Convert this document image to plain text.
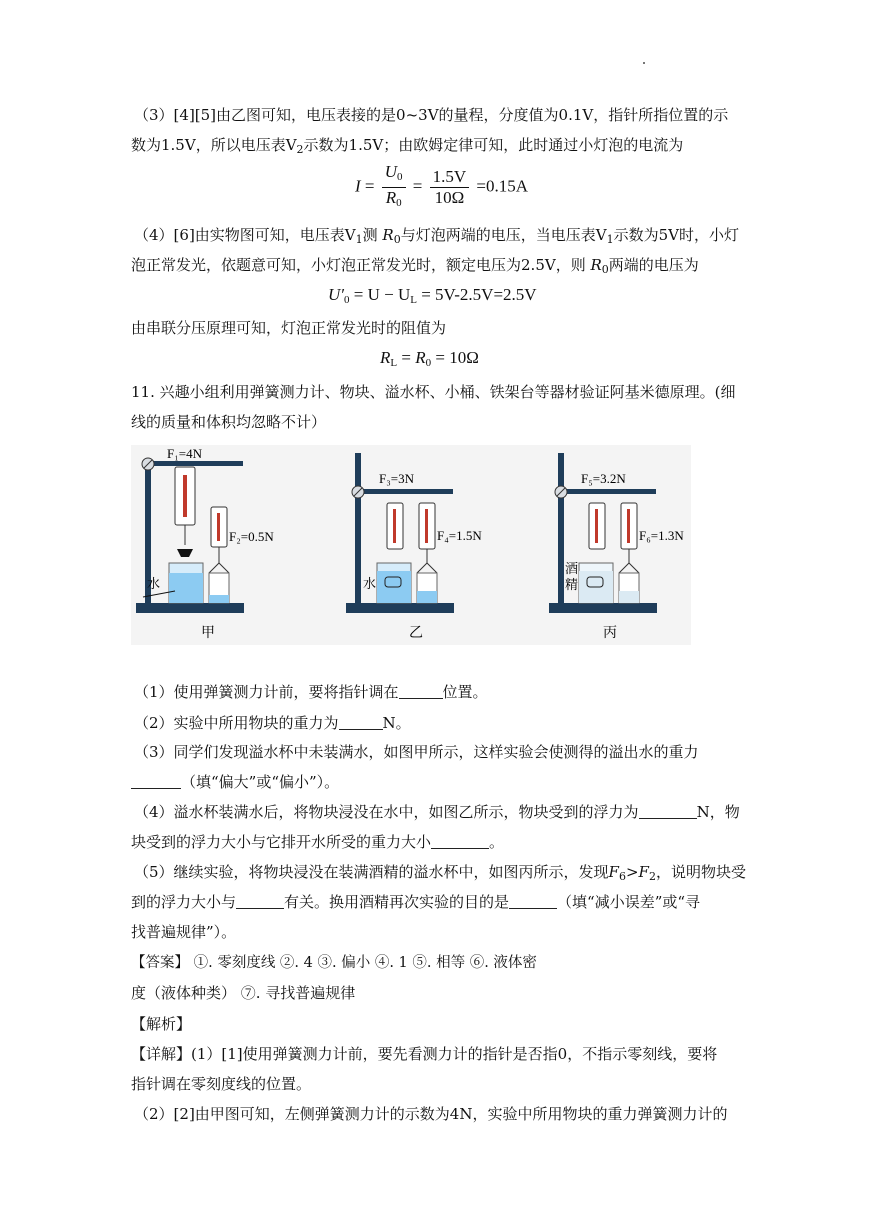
（3）[4][5]由乙图可知，电压表接的是0~3V的量程，分度值为0.1V，指针所指位置的示
数为1.5V，所以电压表$V_2$示数为1.5V；由欧姆定律可知，此时通过小灯泡的电流为
$I = \frac{U_0}{R_0} = \frac{1.5V}{10\Omega} =0.15A$
（4）[6]由实物图可知，电压表$V_1$测 $R_0$与灯泡两端的电压，当电压表$V_1$示数为5V时，小灯
泡正常发光，依题意可知，小灯泡正常发光时，额定电压为2.5V，则 $R_0$两端的电压为
$U'_0 = U - U_L = 5V-2.5V=2.5V$
由串联分压原理可知，灯泡正常发光时的阻值为
$R_L = R_0 = 10\Omega$
11. 兴趣小组利用弹簧测力计、物块、溢水杯、小桶、铁架台等器材验证阿基米德原理。(细
线的质量和体积均忽略不计）
F₁=4N
F₂=0.5N
水
F₃=3N
F₄=1.5N
水
F₅=3.2N
F₆=1.3N
酒
精
甲	乙	丙
（1）使用弹簧测力计前，要将指针调在	位置。
（2）实验中所用物块的重力为	N。
（3）同学们发现溢水杯中未装满水，如图甲所示，这样实验会使测得的溢出水的重力
（填“偏大”或“偏小”）。
（4）溢水杯装满水后，将物块浸没在水中，如图乙所示，物块受到的浮力为	N，物
块受到的浮力大小与它排开水所受的重力大小	。
（5）继续实验，将物块浸没在装满酒精的溢水杯中，如图丙所示，发现$F_6>F_2$，说明物块受
到的浮力大小与	有关。换用酒精再次实验的目的是	（填“减小误差”或“寻
找普遍规律”）。
【答案】 ①. 零刻度线 ②. 4 ③. 偏小 ④. 1 ⑤. 相等 ⑥. 液体密
度（液体种类） ⑦. 寻找普遍规律
【解析】
【详解】(1）[1]使用弹簧测力计前，要先看测力计的指针是否指0，不指示零刻线，要将
指针调在零刻度线的位置。
（2）[2]由甲图可知，左侧弹簧测力计的示数为4N，实验中所用物块的重力弹簧测力计的
